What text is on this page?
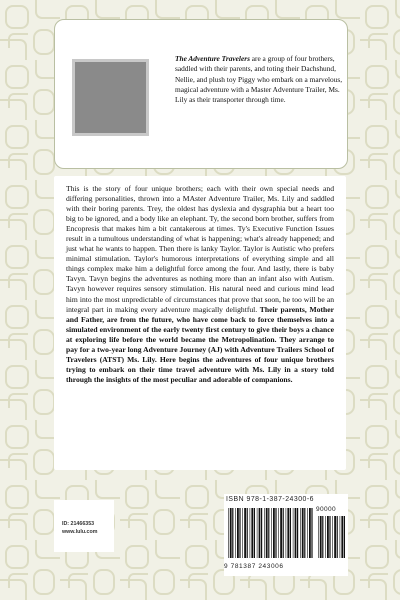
The Adventure Travelers are a group of four brothers, saddled with their parents, and toting their Dachshund, Nellie, and plush toy Piggy who embark on a marvelous, magical adventure with a Master Adventure Trailer, Ms. Lily as their transporter through time.
This is the story of four unique brothers; each with their own special needs and differing personalities, thrown into a MAster Adventure Trailer, Ms. Lily and saddled with their boring parents. Trey, the oldest has dyslexia and dysgraphia but a heart too big to be ignored, and a body like an elephant. Ty, the second born brother, suffers from Encopresis that makes him a bit cantakerous at times. Ty's Executive Function Issues result in a tumultous understanding of what is happening; what's already happened; and just what he wants to happen. Then there is lanky Taylor. Taylor is Autistic who prefers minimal stimulation. Taylor's humorous interpretations of everything simple and all things complex make him a delightful force among the four. And lastly, there is baby Tavyn. Tavyn begins the adventures as nothing more than an infant also with Autism. Tavyn however requires sensory stimulation. His natural need and curious mind lead him into the most unpredictable of circumstances that prove that soon, he too will be an integral part in making every adventure magically delightful. Their parents, Mother and Father, are from the future, who have come back to force themselves into a simulated environment of the early twenty first century to give their boys a chance at exploring life before the world became the Metropolination. They arrange to pay for a two-year long Adventure Journey (AJ) with Adventure Trailers School of Travelers (ATST) Ms. Lily. Here begins the adventures of four unique brothers trying to embark on their time travel adventure with Ms. Lily in a story told through the insights of the most peculiar and adorable of companions.
ID: 21466353
www.lulu.com
ISBN 978-1-387-24300-6
90000
9 781387 243006
